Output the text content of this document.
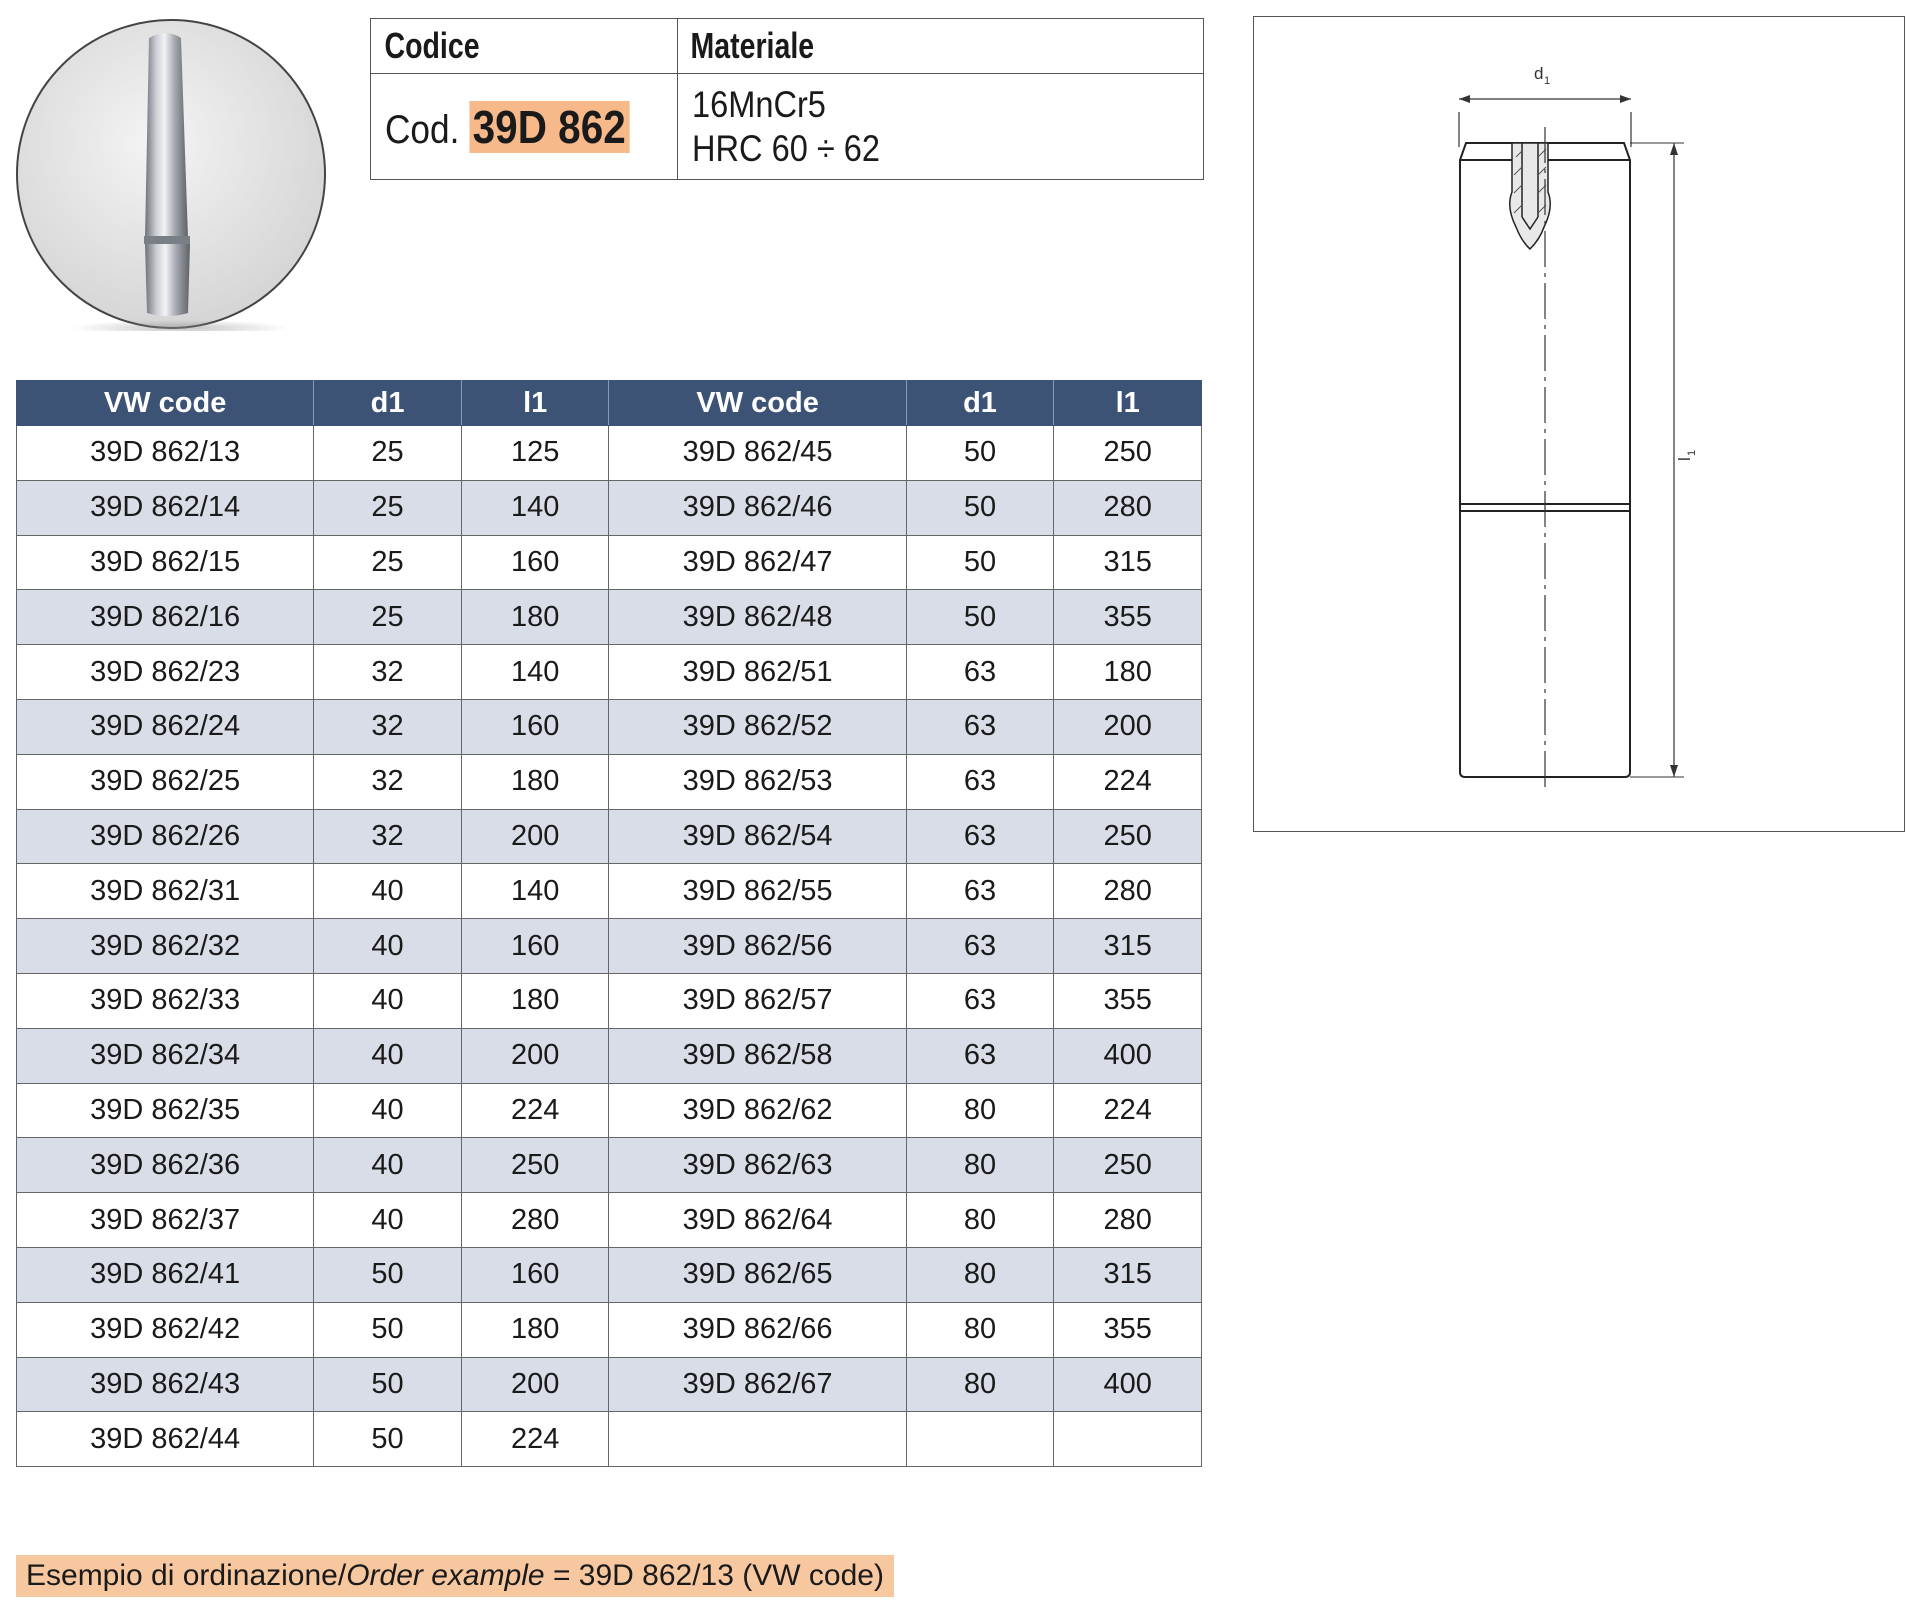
Codice	Materiale
Cod. 39D 862	16MnCr5
HRC 60 ÷ 62
d 1
l
1
VW code	d1	l1	VW code	d1	l1
39D 862/13	25	125	39D 862/45	50	250
39D 862/14	25	140	39D 862/46	50	280
39D 862/15	25	160	39D 862/47	50	315
39D 862/16	25	180	39D 862/48	50	355
39D 862/23	32	140	39D 862/51	63	180
39D 862/24	32	160	39D 862/52	63	200
39D 862/25	32	180	39D 862/53	63	224
39D 862/26	32	200	39D 862/54	63	250
39D 862/31	40	140	39D 862/55	63	280
39D 862/32	40	160	39D 862/56	63	315
39D 862/33	40	180	39D 862/57	63	355
39D 862/34	40	200	39D 862/58	63	400
39D 862/35	40	224	39D 862/62	80	224
39D 862/36	40	250	39D 862/63	80	250
39D 862/37	40	280	39D 862/64	80	280
39D 862/41	50	160	39D 862/65	80	315
39D 862/42	50	180	39D 862/66	80	355
39D 862/43	50	200	39D 862/67	80	400
39D 862/44	50	224			
Esempio di ordinazione/Order example = 39D 862/13 (VW code)
